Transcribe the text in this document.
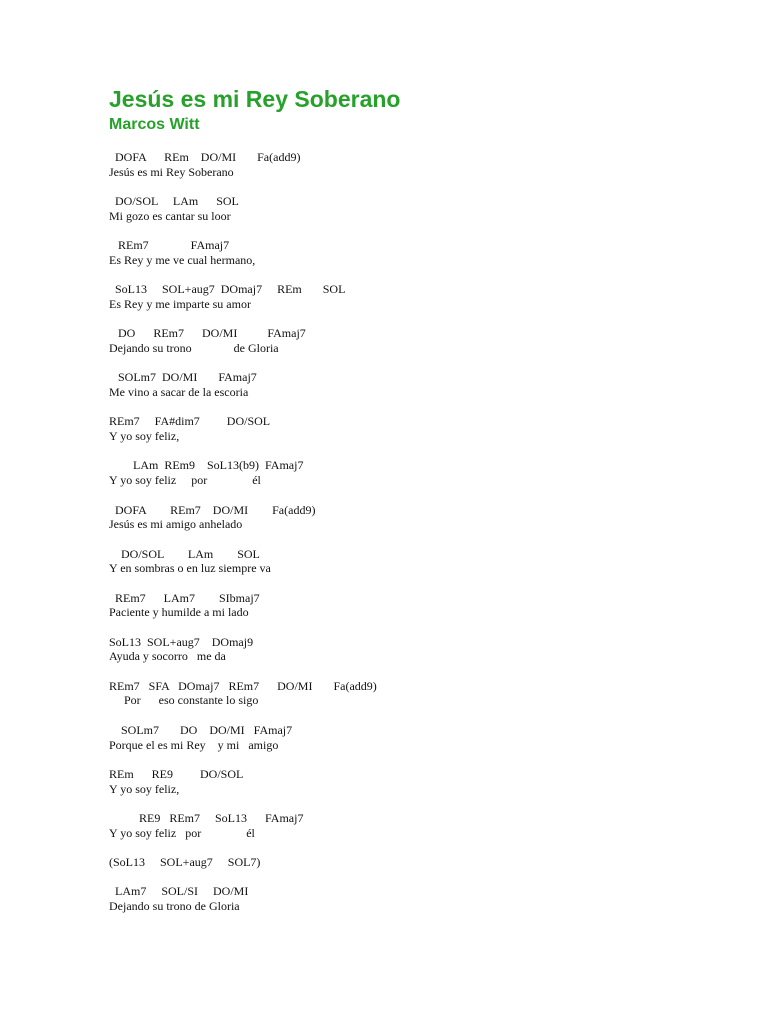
Jesús es mi Rey Soberano
Marcos Witt
DOFA      REm    DO/MI       Fa(add9)
Jesús es mi Rey Soberano
DO/SOL     LAm      SOL
Mi gozo es cantar su loor
REm7              FAmaj7
Es Rey y me ve cual hermano,
SoL13     SOL+aug7  DOmaj7     REm       SOL
Es Rey y me imparte su amor
DO      REm7      DO/MI          FAmaj7
Dejando su trono              de Gloria
SOLm7  DO/MI       FAmaj7
Me vino a sacar de la escoria
REm7     FA#dim7         DO/SOL
Y yo soy feliz,
LAm  REm9    SoL13(b9)  FAmaj7
Y yo soy feliz     por               él
DOFA        REm7    DO/MI        Fa(add9)
Jesús es mi amigo anhelado
DO/SOL        LAm        SOL
Y en sombras o en luz siempre va
REm7      LAm7        SIbmaj7
Paciente y humilde a mi lado
SoL13  SOL+aug7    DOmaj9
Ayuda y socorro   me da
REm7   SFA   DOmaj7   REm7      DO/MI       Fa(add9)
Por      eso constante lo sigo
SOLm7       DO    DO/MI   FAmaj7
Porque el es mi Rey    y mi   amigo
REm      RE9         DO/SOL
Y yo soy feliz,
RE9   REm7     SoL13      FAmaj7
Y yo soy feliz   por               él
(SoL13     SOL+aug7     SOL7)
LAm7     SOL/SI     DO/MI
Dejando su trono de Gloria
